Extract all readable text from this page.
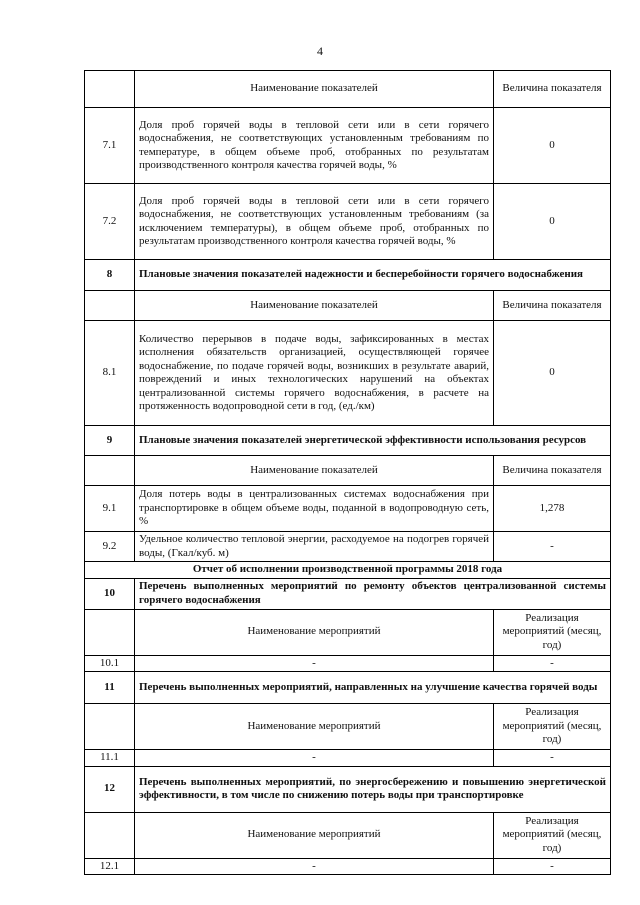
4
	Наименование показателей	Величина показателя
7.1	Доля проб горячей воды в тепловой сети или в сети горячего водоснабжения, не соответствующих установленным требованиям по температуре, в общем объеме проб, отобранных по результатам производственного контроля качества горячей воды, %	0
7.2	Доля проб горячей воды в тепловой сети или в сети горячего водоснабжения, не соответствующих установленным требованиям (за исключением температуры), в общем объеме проб, отобранных по результатам производственного контроля качества горячей воды, %	0
8	Плановые значения показателей надежности и бесперебойности горячего водоснабжения	
	Наименование показателей	Величина показателя
8.1	Количество перерывов в подаче воды, зафиксированных в местах исполнения обязательств организацией, осуществляющей горячее водоснабжение, по подаче горячей воды, возникших в результате аварий, повреждений и иных технологических нарушений на объектах централизованной системы горячего водоснабжения, в расчете на протяженность водопроводной сети в год, (ед./км)	0
9	Плановые значения показателей энергетической эффективности использования ресурсов	
	Наименование показателей	Величина показателя
9.1	Доля потерь воды в централизованных системах водоснабжения при транспортировке в общем объеме воды, поданной в водопроводную сеть, %	1,278
9.2	Удельное количество тепловой энергии, расходуемое на подогрев горячей воды, (Гкал/куб. м)	-
Отчет об исполнении производственной программы 2018 года		
10	Перечень выполненных мероприятий по ремонту объектов централизованной системы горячего водоснабжения	
	Наименование мероприятий	Реализация мероприятий (месяц, год)
10.1	-	-
11	Перечень выполненных мероприятий, направленных на улучшение качества горячей воды	
	Наименование мероприятий	Реализация мероприятий (месяц, год)
11.1	-	-
12	Перечень выполненных мероприятий, по энергосбережению и повышению энергетической эффективности, в том числе по снижению потерь воды при транспортировке	
	Наименование мероприятий	Реализация мероприятий (месяц, год)
12.1	-	-
